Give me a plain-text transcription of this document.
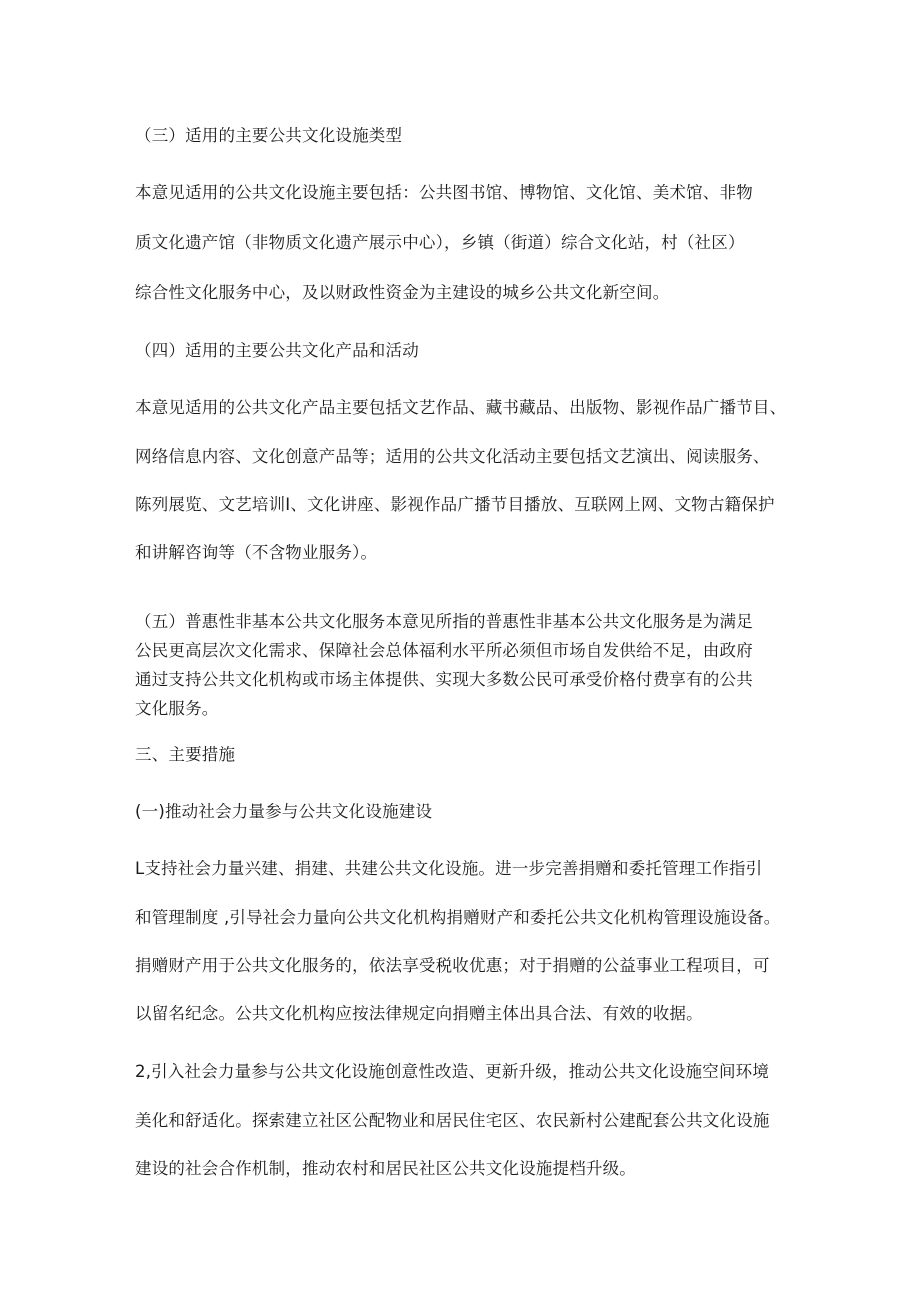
（三）适用的主要公共文化设施类型
本意见适用的公共文化设施主要包括：公共图书馆、博物馆、文化馆、美术馆、非物
质文化遗产馆（非物质文化遗产展示中心），乡镇（街道）综合文化站，村（社区）
综合性文化服务中心，及以财政性资金为主建设的城乡公共文化新空间。
（四）适用的主要公共文化产品和活动
本意见适用的公共文化产品主要包括文艺作品、藏书藏品、出版物、影视作品广播节目、
网络信息内容、文化创意产品等；适用的公共文化活动主要包括文艺演出、阅读服务、
陈列展览、文艺培训I、文化讲座、影视作品广播节目播放、互联网上网、文物古籍保护
和讲解咨询等（不含物业服务）。
（五）普惠性非基本公共文化服务本意见所指的普惠性非基本公共文化服务是为满足
公民更高层次文化需求、保障社会总体福利水平所必须但市场自发供给不足，由政府
通过支持公共文化机构或市场主体提供、实现大多数公民可承受价格付费享有的公共
文化服务。
三、主要措施
(一)推动社会力量参与公共文化设施建设
L支持社会力量兴建、捐建、共建公共文化设施。进一步完善捐赠和委托管理工作指引
和管理制度 ,引导社会力量向公共文化机构捐赠财产和委托公共文化机构管理设施设备。
捐赠财产用于公共文化服务的，依法享受税收优惠；对于捐赠的公益事业工程项目，可
以留名纪念。公共文化机构应按法律规定向捐赠主体出具合法、有效的收据。
2,引入社会力量参与公共文化设施创意性改造、更新升级，推动公共文化设施空间环境
美化和舒适化。探索建立社区公配物业和居民住宅区、农民新村公建配套公共文化设施
建设的社会合作机制，推动农村和居民社区公共文化设施提档升级。
